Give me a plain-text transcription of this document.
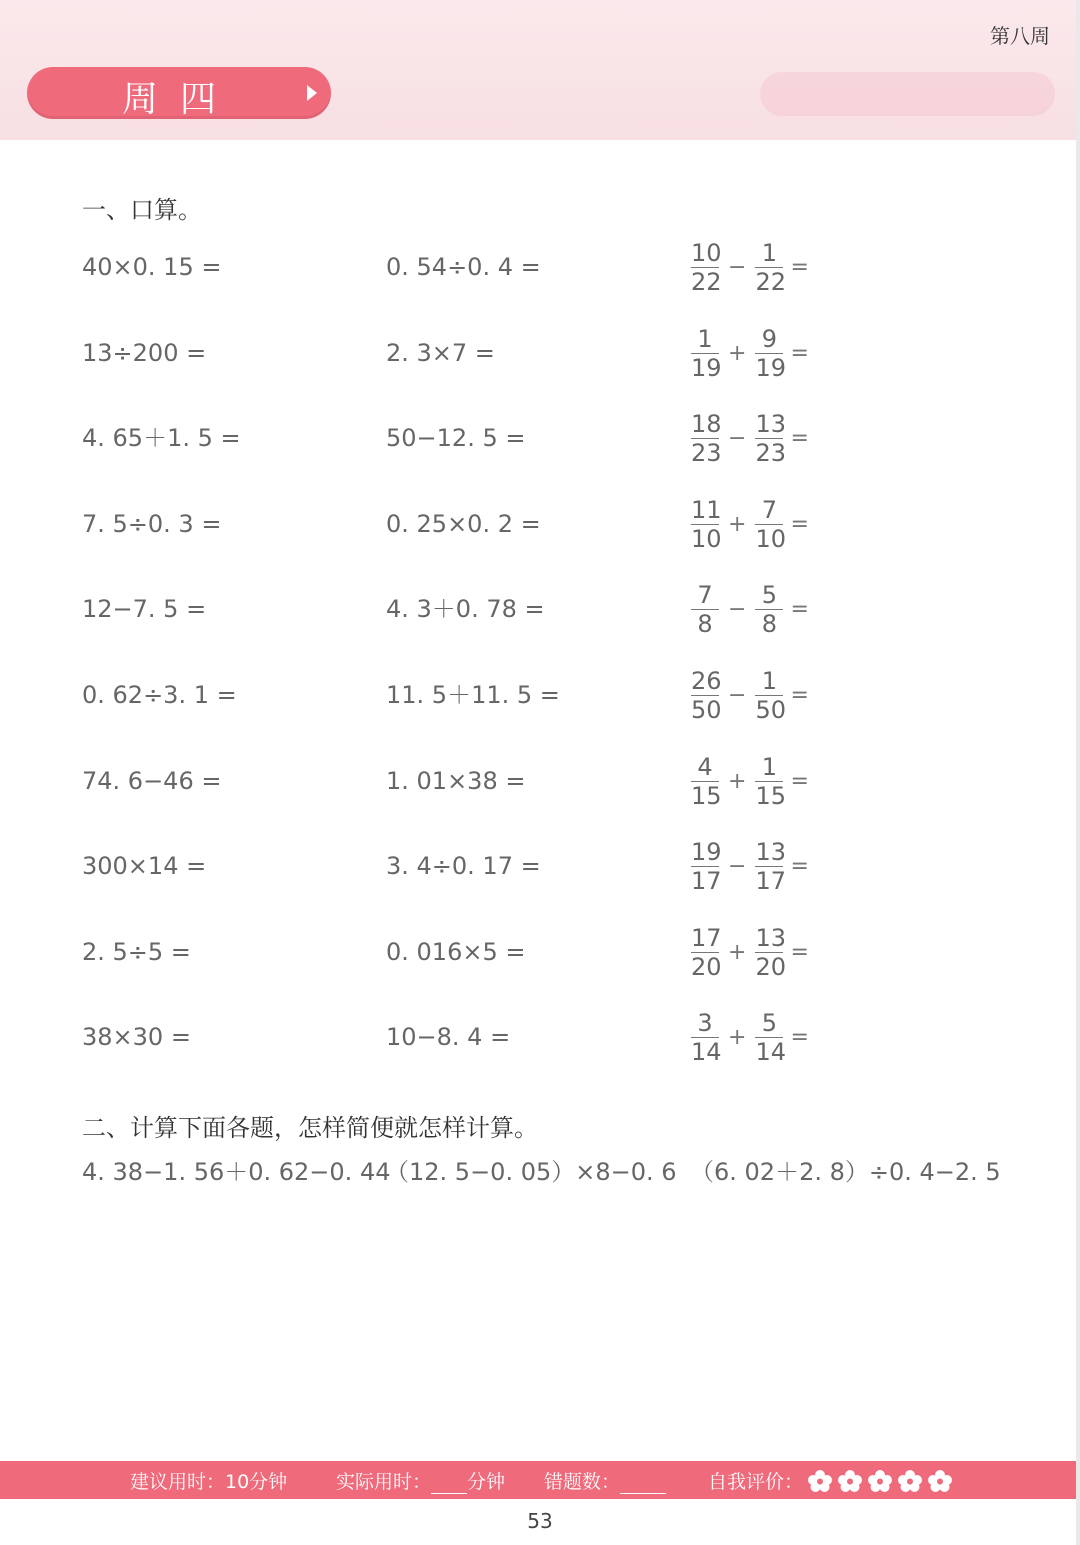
第八周
周四
一、口算。
40×0. 15 =	0. 54÷0. 4 =	$\frac{10}{22} - \frac{1}{22}$ =
13÷200 =	2. 3×7 =	$\frac{1}{19} + \frac{9}{19}$ =
4. 65＋1. 5 =	50−12. 5 =	$\frac{18}{23} - \frac{13}{23}$ =
7. 5÷0. 3 =	0. 25×0. 2 =	$\frac{11}{10} + \frac{7}{10}$ =
12−7. 5 =	4. 3＋0. 78 =	$\frac{7}{8} - \frac{5}{8}$ =
0. 62÷3. 1 =	11. 5＋11. 5 =	$\frac{26}{50} - \frac{1}{50}$ =
74. 6−46 =	1. 01×38 =	$\frac{4}{15} + \frac{1}{15}$ =
300×14 =	3. 4÷0. 17 =	$\frac{19}{17} - \frac{13}{17}$ =
2. 5÷5 =	0. 016×5 =	$\frac{17}{20} + \frac{13}{20}$ =
38×30 =	10−8. 4 =	$\frac{3}{14} + \frac{5}{14}$ =
二、计算下面各题，怎样简便就怎样计算。
4. 38−1. 56＋0. 62−0. 44
（12. 5−0. 05）×8−0. 6 （6. 02＋2. 8）÷0. 4−2. 5
建议用时：10分钟	实际用时： 分钟 错题数：	自我评价：
53
